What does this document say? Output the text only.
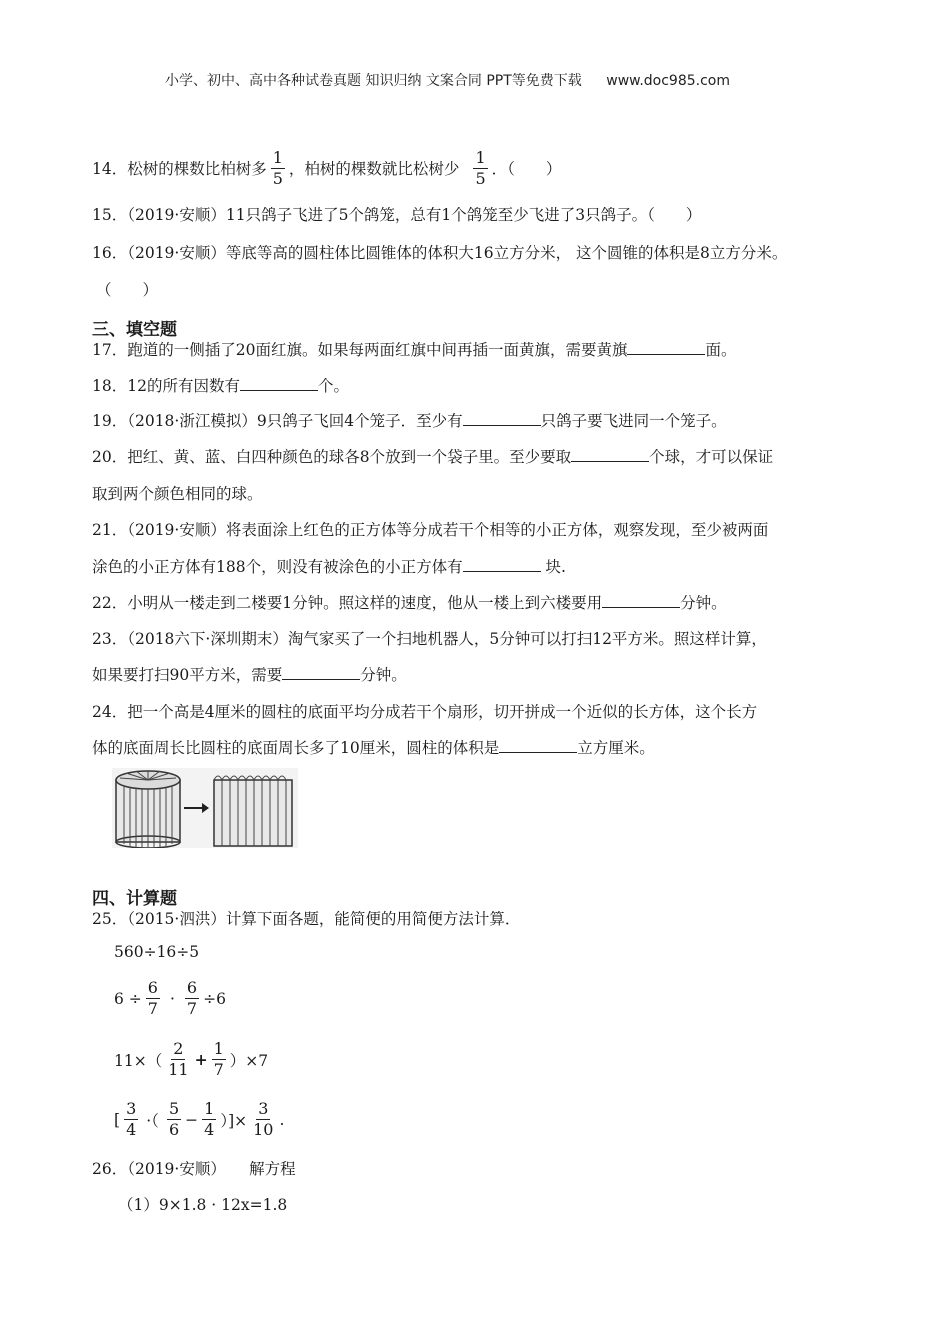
小学、初中、高中各种试卷真题 知识归纳 文案合同 PPT等免费下载 www.doc985.com
14．松树的棵数比柏树多 $\frac{1}{5}$ ，柏树的棵数就比松树少 $\frac{1}{5}$ ．（　　）
15．（2019·安顺）11只鸽子飞进了5个鸽笼，总有1个鸽笼至少飞进了3只鸽子。（　　）
16．（2019·安顺）等底等高的圆柱体比圆锥体的体积大16立方分米， 这个圆锥的体积是8立方分米。
（　　）
三、填空题
17．跑道的一侧插了20面红旗。如果每两面红旗中间再插一面黄旗，需要黄旗	面。
18．12的所有因数有	个。
19．（2018·浙江模拟）9只鸽子飞回4个笼子．至少有	只鸽子要飞进同一个笼子。
20．把红、黄、蓝、白四种颜色的球各8个放到一个袋子里。至少要取	个球，才可以保证
取到两个颜色相同的球。
21．（2019·安顺）将表面涂上红色的正方体等分成若干个相等的小正方体，观察发现，至少被两面
涂色的小正方体有188个，则没有被涂色的小正方体有	块.
22．小明从一楼走到二楼要1分钟。照这样的速度，他从一楼上到六楼要用	分钟。
23．（2018六下·深圳期末）淘气家买了一个扫地机器人，5分钟可以打扫12平方米。照这样计算，
如果要打扫90平方米，需要	分钟。
24．把一个高是4厘米的圆柱的底面平均分成若干个扇形，切开拼成一个近似的长方体，这个长方
体的底面周长比圆柱的底面周长多了10厘米，圆柱的体积是	立方厘米。
四、计算题
25．（2015·泗洪）计算下面各题，能简便的用简便方法计算．
560÷16÷5
$6 \div \frac{6}{7} \cdot \frac{6}{7} \div 6$
$11\times( \frac{2}{11} + \frac{1}{7} )\times 7$
[ $\frac{3}{4}$ ·（ $\frac{5}{6} - \frac{1}{4}$ ）]× $\frac{3}{10}$ .
26．（2019·安顺）　　解方程
（1）9×1.8 · 12x=1.8
